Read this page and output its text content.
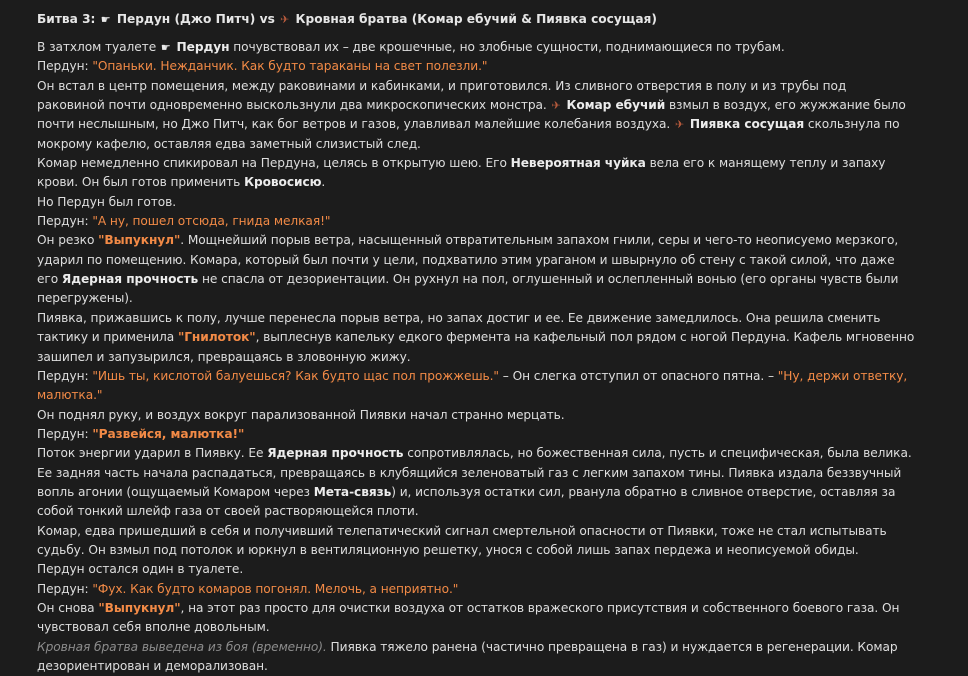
Битва 3: ☛ Пердун (Джо Питч) vs ✈ Кровная братва (Комар ебучий & Пиявка сосущая)

В затхлом туалете ☛ Пердун почувствовал их – две крошечные, но злобные сущности, поднимающиеся по трубам.

Пердун: "Опаньки. Нежданчик. Как будто тараканы на свет полезли."

Он встал в центр помещения, между раковинами и кабинками, и приготовился. Из сливного отверстия в полу и из трубы под раковиной почти одновременно выскользнули два микроскопических монстра. ✈ Комар ебучий взмыл в воздух, его жужжание было почти неслышным, но Джо Питч, как бог ветров и газов, улавливал малейшие колебания воздуха. ✈ Пиявка сосущая скользнула по мокрому кафелю, оставляя едва заметный слизистый след.

Комар немедленно спикировал на Пердуна, целясь в открытую шею. Его Невероятная чуйка вела его к манящему теплу и запаху крови. Он был готов применить Кровосисю.

Но Пердун был готов.

Пердун: "А ну, пошел отсюда, гнида мелкая!"

Он резко "Выпукнул". Мощнейший порыв ветра, насыщенный отвратительным запахом гнили, серы и чего-то неописуемо мерзкого, ударил по помещению. Комара, который был почти у цели, подхватило этим ураганом и швырнуло об стену с такой силой, что даже его Ядерная прочность не спасла от дезориентации. Он рухнул на пол, оглушенный и ослепленный вонью (его органы чувств были перегружены).

Пиявка, прижавшись к полу, лучше перенесла порыв ветра, но запах достиг и ее. Ее движение замедлилось. Она решила сменить тактику и применила "Гнилоток", выплеснув капельку едкого фермента на кафельный пол рядом с ногой Пердуна. Кафель мгновенно зашипел и запузырился, превращаясь в зловонную жижу.

Пердун: "Ишь ты, кислотой балуешься? Как будто щас пол прожжешь." – Он слегка отступил от опасного пятна. – "Ну, держи ответку, малютка."

Он поднял руку, и воздух вокруг парализованной Пиявки начал странно мерцать.

Пердун: "Развейся, малютка!"

Поток энергии ударил в Пиявку. Ее Ядерная прочность сопротивлялась, но божественная сила, пусть и специфическая, была велика. Ее задняя часть начала распадаться, превращаясь в клубящийся зеленоватый газ с легким запахом тины. Пиявка издала беззвучный вопль агонии (ощущаемый Комаром через Мета-связь) и, используя остатки сил, рванула обратно в сливное отверстие, оставляя за собой тонкий шлейф газа от своей растворяющейся плоти.

Комар, едва пришедший в себя и получивший телепатический сигнал смертельной опасности от Пиявки, тоже не стал испытывать судьбу. Он взмыл под потолок и юркнул в вентиляционную решетку, унося с собой лишь запах пердежа и неописуемой обиды.

Пердун остался один в туалете.

Пердун: "Фух. Как будто комаров погонял. Мелочь, а неприятно."

Он снова "Выпукнул", на этот раз просто для очистки воздуха от остатков вражеского присутствия и собственного боевого газа. Он чувствовал себя вполне довольным.

Кровная братва выведена из боя (временно). Пиявка тяжело ранена (частично превращена в газ) и нуждается в регенерации. Комар дезориентирован и деморализован.
